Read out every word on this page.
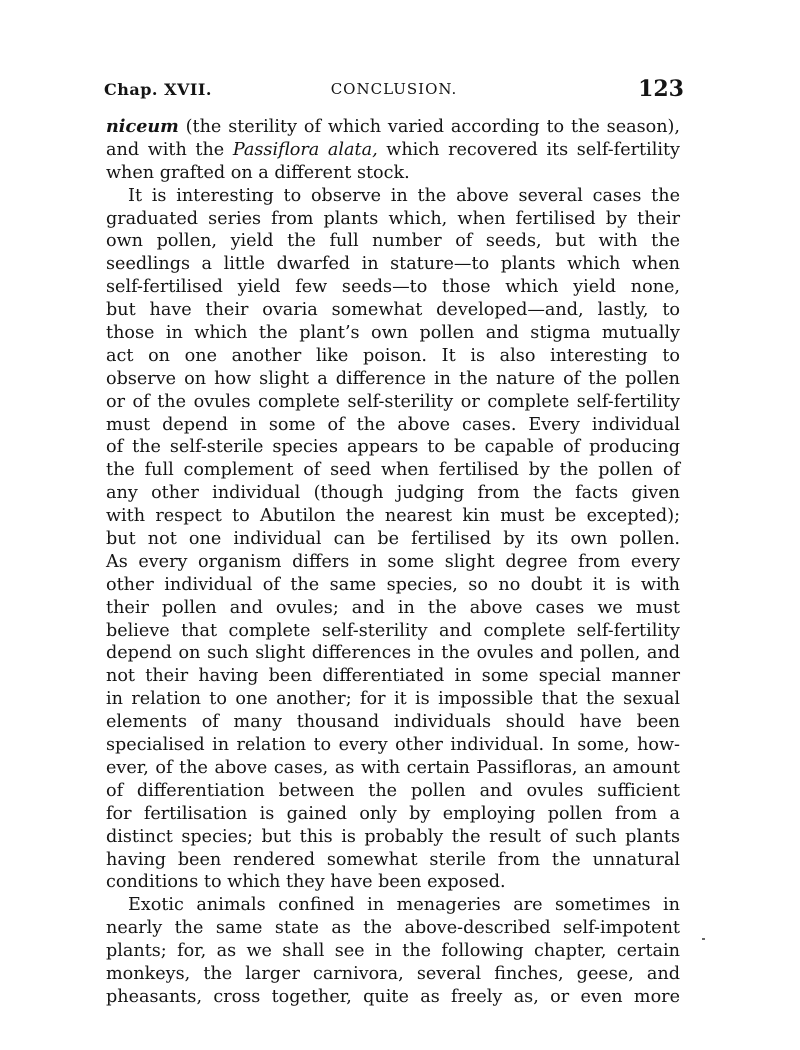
Chap. XVII.	CONCLUSION.	123
niceum (the sterility of which varied according to the season),
and with the Passiflora alata, which recovered its self-fertility
when grafted on a different stock.
It is interesting to observe in the above several cases the
graduated series from plants which, when fertilised by their
own pollen, yield the full number of seeds, but with the
seedlings a little dwarfed in stature—to plants which when
self-fertilised yield few seeds—to those which yield none,
but have their ovaria somewhat developed—and, lastly, to
those in which the plant’s own pollen and stigma mutually
act on one another like poison. It is also interesting to
observe on how slight a difference in the nature of the pollen
or of the ovules complete self-sterility or complete self-fertility
must depend in some of the above cases. Every individual
of the self-sterile species appears to be capable of producing
the full complement of seed when fertilised by the pollen of
any other individual (though judging from the facts given
with respect to Abutilon the nearest kin must be excepted);
but not one individual can be fertilised by its own pollen.
As every organism differs in some slight degree from every
other individual of the same species, so no doubt it is with
their pollen and ovules; and in the above cases we must
believe that complete self-sterility and complete self-fertility
depend on such slight differences in the ovules and pollen, and
not their having been differentiated in some special manner
in relation to one another; for it is impossible that the sexual
elements of many thousand individuals should have been
specialised in relation to every other individual. In some, how-
ever, of the above cases, as with certain Passifloras, an amount
of differentiation between the pollen and ovules sufficient
for fertilisation is gained only by employing pollen from a
distinct species; but this is probably the result of such plants
having been rendered somewhat sterile from the unnatural
conditions to which they have been exposed.
Exotic animals confined in menageries are sometimes in
nearly the same state as the above-described self-impotent
plants; for, as we shall see in the following chapter, certain
monkeys, the larger carnivora, several finches, geese, and
pheasants, cross together, quite as freely as, or even more
